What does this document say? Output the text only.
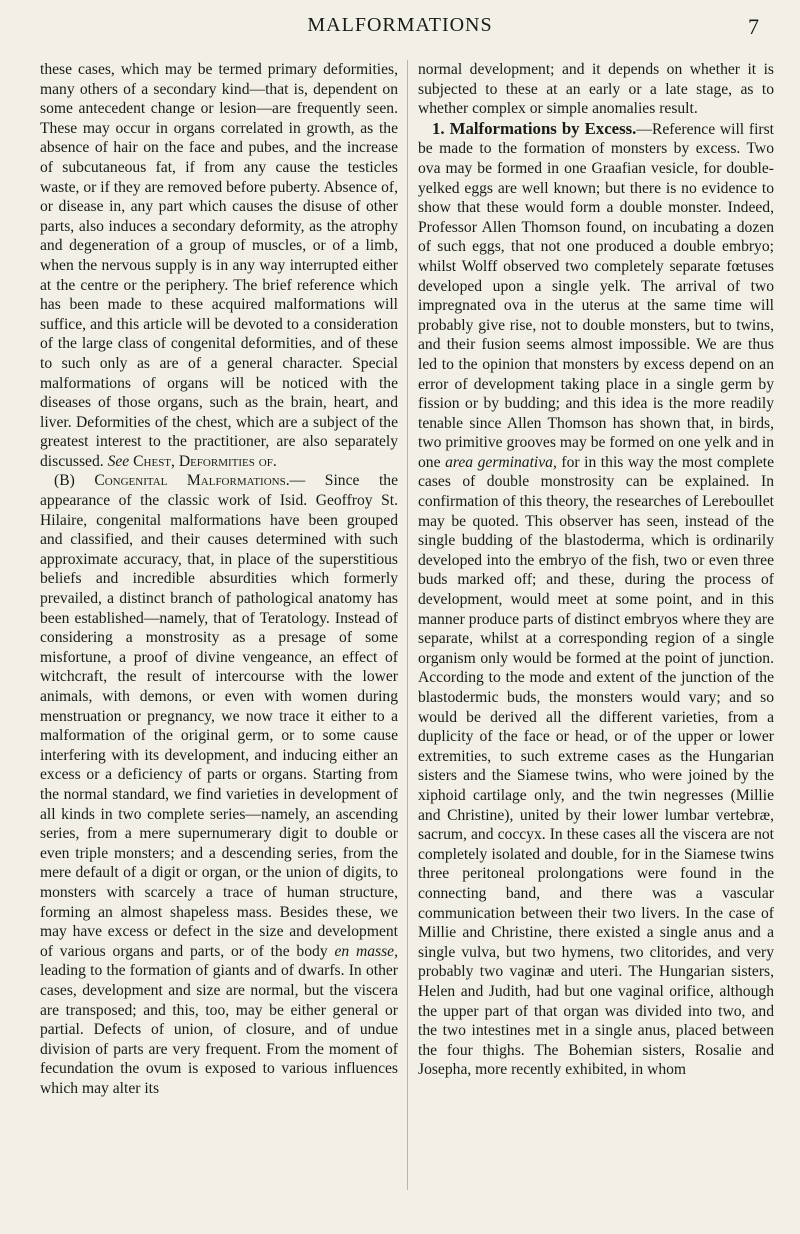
MALFORMATIONS	7

these cases, which may be termed primary deformities, many others of a secondary kind—that is, dependent on some antecedent change or lesion—are frequently seen. These may occur in organs correlated in growth, as the absence of hair on the face and pubes, and the increase of subcutaneous fat, if from any cause the testicles waste, or if they are removed before puberty. Absence of, or disease in, any part which causes the disuse of other parts, also induces a secondary deformity, as the atrophy and degeneration of a group of muscles, or of a limb, when the nervous supply is in any way interrupted either at the centre or the periphery. The brief reference which has been made to these acquired malformations will suffice, and this article will be devoted to a consideration of the large class of congenital deformities, and of these to such only as are of a general character. Special malformations of organs will be noticed with the diseases of those organs, such as the brain, heart, and liver. Deformities of the chest, which are a subject of the greatest interest to the practitioner, are also separately discussed. See Chest, Deformities of.

(B) Congenital Malformations.— Since the appearance of the classic work of Isid. Geoffroy St. Hilaire, congenital malformations have been grouped and classified, and their causes determined with such approximate accuracy, that, in place of the superstitious beliefs and incredible absurdities which formerly prevailed, a distinct branch of pathological anatomy has been established—namely, that of Teratology. Instead of considering a monstrosity as a presage of some misfortune, a proof of divine vengeance, an effect of witchcraft, the result of intercourse with the lower animals, with demons, or even with women during menstruation or pregnancy, we now trace it either to a malformation of the original germ, or to some cause interfering with its development, and inducing either an excess or a deficiency of parts or organs. Starting from the normal standard, we find varieties in development of all kinds in two complete series—namely, an ascending series, from a mere supernumerary digit to double or even triple monsters; and a descending series, from the mere default of a digit or organ, or the union of digits, to monsters with scarcely a trace of human structure, forming an almost shapeless mass. Besides these, we may have excess or defect in the size and development of various organs and parts, or of the body en masse, leading to the formation of giants and of dwarfs. In other cases, development and size are normal, but the viscera are transposed; and this, too, may be either general or partial. Defects of union, of closure, and of undue division of parts are very frequent. From the moment of fecundation the ovum is exposed to various influences which may alter its

normal development; and it depends on whether it is subjected to these at an early or a late stage, as to whether complex or simple anomalies result.

1. Malformations by Excess.—Reference will first be made to the formation of monsters by excess. Two ova may be formed in one Graafian vesicle, for double-yelked eggs are well known; but there is no evidence to show that these would form a double monster. Indeed, Professor Allen Thomson found, on incubating a dozen of such eggs, that not one produced a double embryo; whilst Wolff observed two completely separate fœtuses developed upon a single yelk. The arrival of two impregnated ova in the uterus at the same time will probably give rise, not to double monsters, but to twins, and their fusion seems almost impossible. We are thus led to the opinion that monsters by excess depend on an error of development taking place in a single germ by fission or by budding; and this idea is the more readily tenable since Allen Thomson has shown that, in birds, two primitive grooves may be formed on one yelk and in one area germinativa, for in this way the most complete cases of double monstrosity can be explained. In confirmation of this theory, the researches of Lereboullet may be quoted. This observer has seen, instead of the single budding of the blastoderma, which is ordinarily developed into the embryo of the fish, two or even three buds marked off; and these, during the process of development, would meet at some point, and in this manner produce parts of distinct embryos where they are separate, whilst at a corresponding region of a single organism only would be formed at the point of junction. According to the mode and extent of the junction of the blastodermic buds, the monsters would vary; and so would be derived all the different varieties, from a duplicity of the face or head, or of the upper or lower extremities, to such extreme cases as the Hungarian sisters and the Siamese twins, who were joined by the xiphoid cartilage only, and the twin negresses (Millie and Christine), united by their lower lumbar vertebræ, sacrum, and coccyx. In these cases all the viscera are not completely isolated and double, for in the Siamese twins three peritoneal prolongations were found in the connecting band, and there was a vascular communication between their two livers. In the case of Millie and Christine, there existed a single anus and a single vulva, but two hymens, two clitorides, and very probably two vaginæ and uteri. The Hungarian sisters, Helen and Judith, had but one vaginal orifice, although the upper part of that organ was divided into two, and the two intestines met in a single anus, placed between the four thighs. The Bohemian sisters, Rosalie and Josepha, more recently exhibited, in whom
